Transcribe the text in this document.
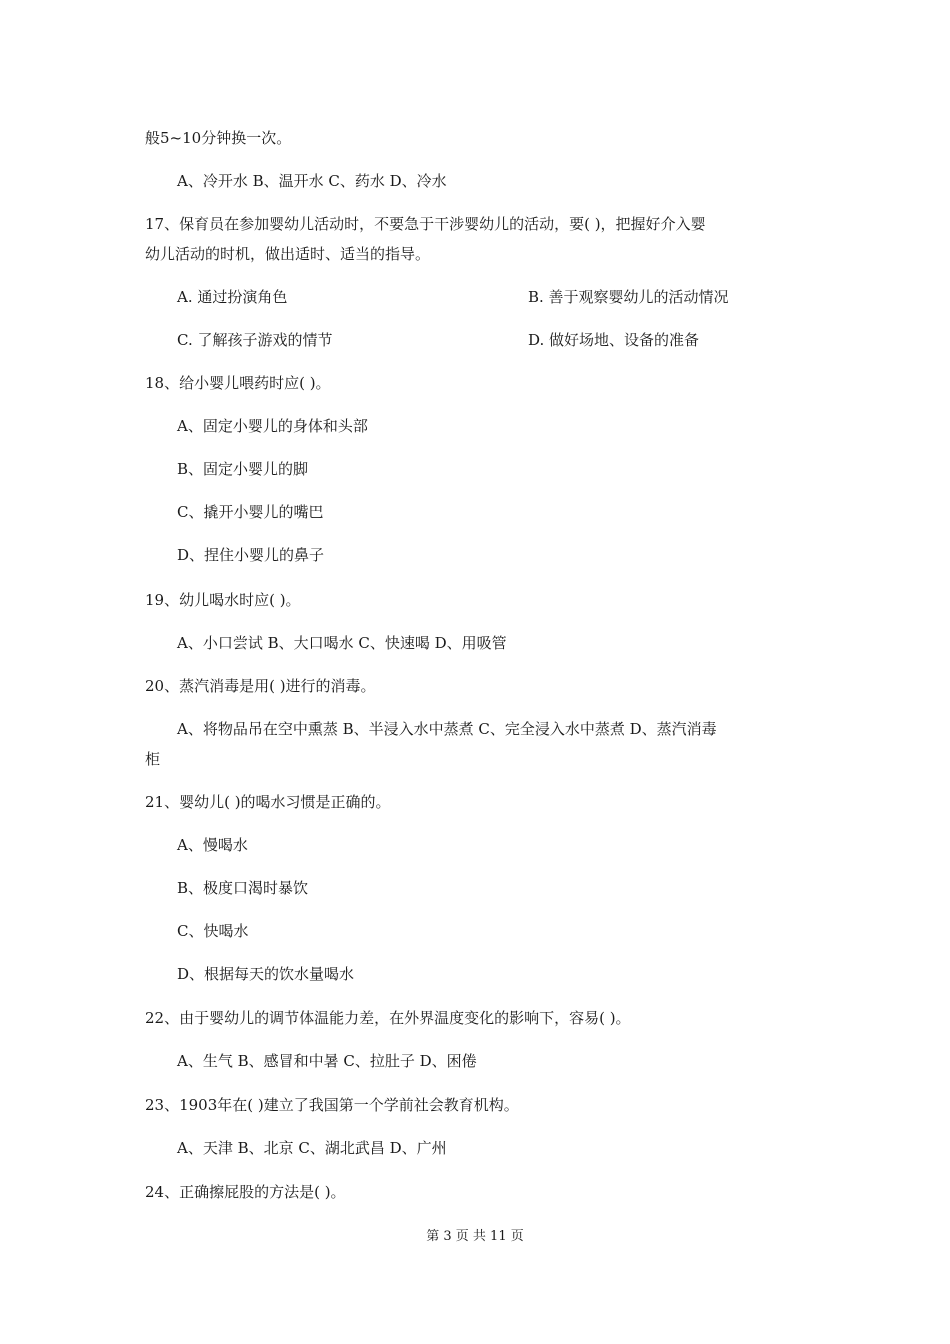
般5~10分钟换一次。
A、冷开水 B、温开水 C、药水 D、冷水
17、保育员在参加婴幼儿活动时，不要急于干涉婴幼儿的活动，要( )，把握好介入婴
幼儿活动的时机，做出适时、适当的指导。
A. 通过扮演角色	B. 善于观察婴幼儿的活动情况
C. 了解孩子游戏的情节	D. 做好场地、设备的准备
18、给小婴儿喂药时应( )。
A、固定小婴儿的身体和头部
B、固定小婴儿的脚
C、撬开小婴儿的嘴巴
D、捏住小婴儿的鼻子
19、幼儿喝水时应( )。
A、小口尝试 B、大口喝水 C、快速喝 D、用吸管
20、蒸汽消毒是用( )进行的消毒。
A、将物品吊在空中熏蒸 B、半浸入水中蒸煮 C、完全浸入水中蒸煮 D、蒸汽消毒
柜
21、婴幼儿( )的喝水习惯是正确的。
A、慢喝水
B、极度口渴时暴饮
C、快喝水
D、根据每天的饮水量喝水
22、由于婴幼儿的调节体温能力差，在外界温度变化的影响下，容易( )。
A、生气 B、感冒和中暑 C、拉肚子 D、困倦
23、1903年在( )建立了我国第一个学前社会教育机构。
A、天津 B、北京 C、湖北武昌 D、广州
24、正确擦屁股的方法是( )。
第 3 页 共 11 页
